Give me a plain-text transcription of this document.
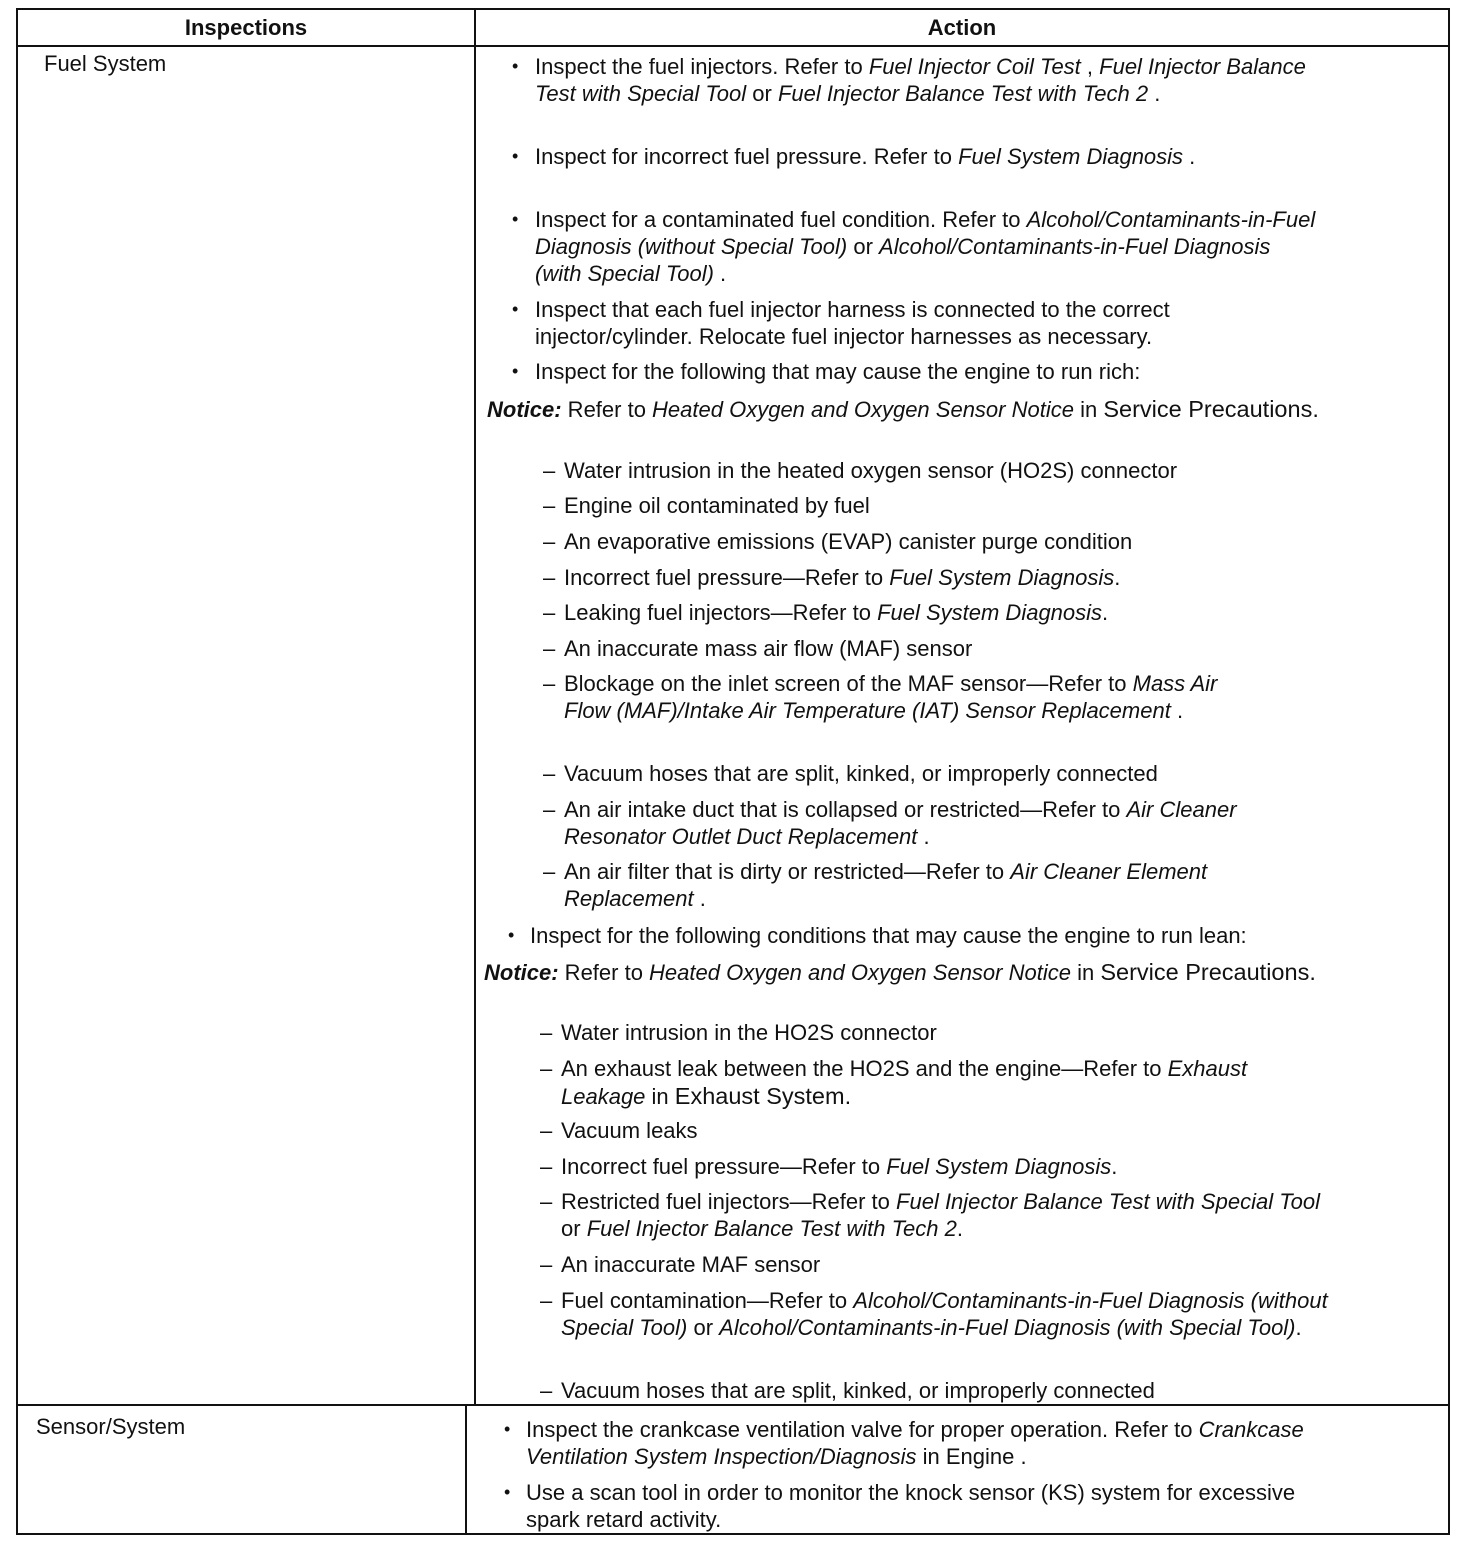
Inspections	Action
Fuel System	• Inspect the fuel injectors. Refer to Fuel Injector Coil Test , Fuel Injector Balance
Test with Special Tool or Fuel Injector Balance Test with Tech 2 .
• Inspect for incorrect fuel pressure. Refer to Fuel System Diagnosis .
• Inspect for a contaminated fuel condition. Refer to Alcohol/Contaminants-in-Fuel
Diagnosis (without Special Tool) or Alcohol/Contaminants-in-Fuel Diagnosis
(with Special Tool) .
• Inspect that each fuel injector harness is connected to the correct
injector/cylinder. Relocate fuel injector harnesses as necessary.
• Inspect for the following that may cause the engine to run rich:
Notice: Refer to Heated Oxygen and Oxygen Sensor Notice in Service Precautions.
– Water intrusion in the heated oxygen sensor (HO2S) connector
– Engine oil contaminated by fuel
– An evaporative emissions (EVAP) canister purge condition
– Incorrect fuel pressure—Refer to Fuel System Diagnosis.
– Leaking fuel injectors—Refer to Fuel System Diagnosis.
– An inaccurate mass air flow (MAF) sensor
– Blockage on the inlet screen of the MAF sensor—Refer to Mass Air
Flow (MAF)/Intake Air Temperature (IAT) Sensor Replacement .
– Vacuum hoses that are split, kinked, or improperly connected
– An air intake duct that is collapsed or restricted—Refer to Air Cleaner
Resonator Outlet Duct Replacement .
– An air filter that is dirty or restricted—Refer to Air Cleaner Element
Replacement .
• Inspect for the following conditions that may cause the engine to run lean:
Notice: Refer to Heated Oxygen and Oxygen Sensor Notice in Service Precautions.
– Water intrusion in the HO2S connector
– An exhaust leak between the HO2S and the engine—Refer to Exhaust
Leakage in Exhaust System.
– Vacuum leaks
– Incorrect fuel pressure—Refer to Fuel System Diagnosis.
– Restricted fuel injectors—Refer to Fuel Injector Balance Test with Special Tool
or Fuel Injector Balance Test with Tech 2.
– An inaccurate MAF sensor
– Fuel contamination—Refer to Alcohol/Contaminants-in-Fuel Diagnosis (without
Special Tool) or Alcohol/Contaminants-in-Fuel Diagnosis (with Special Tool).
– Vacuum hoses that are split, kinked, or improperly connected
Sensor/System	• Inspect the crankcase ventilation valve for proper operation. Refer to Crankcase
Ventilation System Inspection/Diagnosis in Engine .
• Use a scan tool in order to monitor the knock sensor (KS) system for excessive
spark retard activity.
